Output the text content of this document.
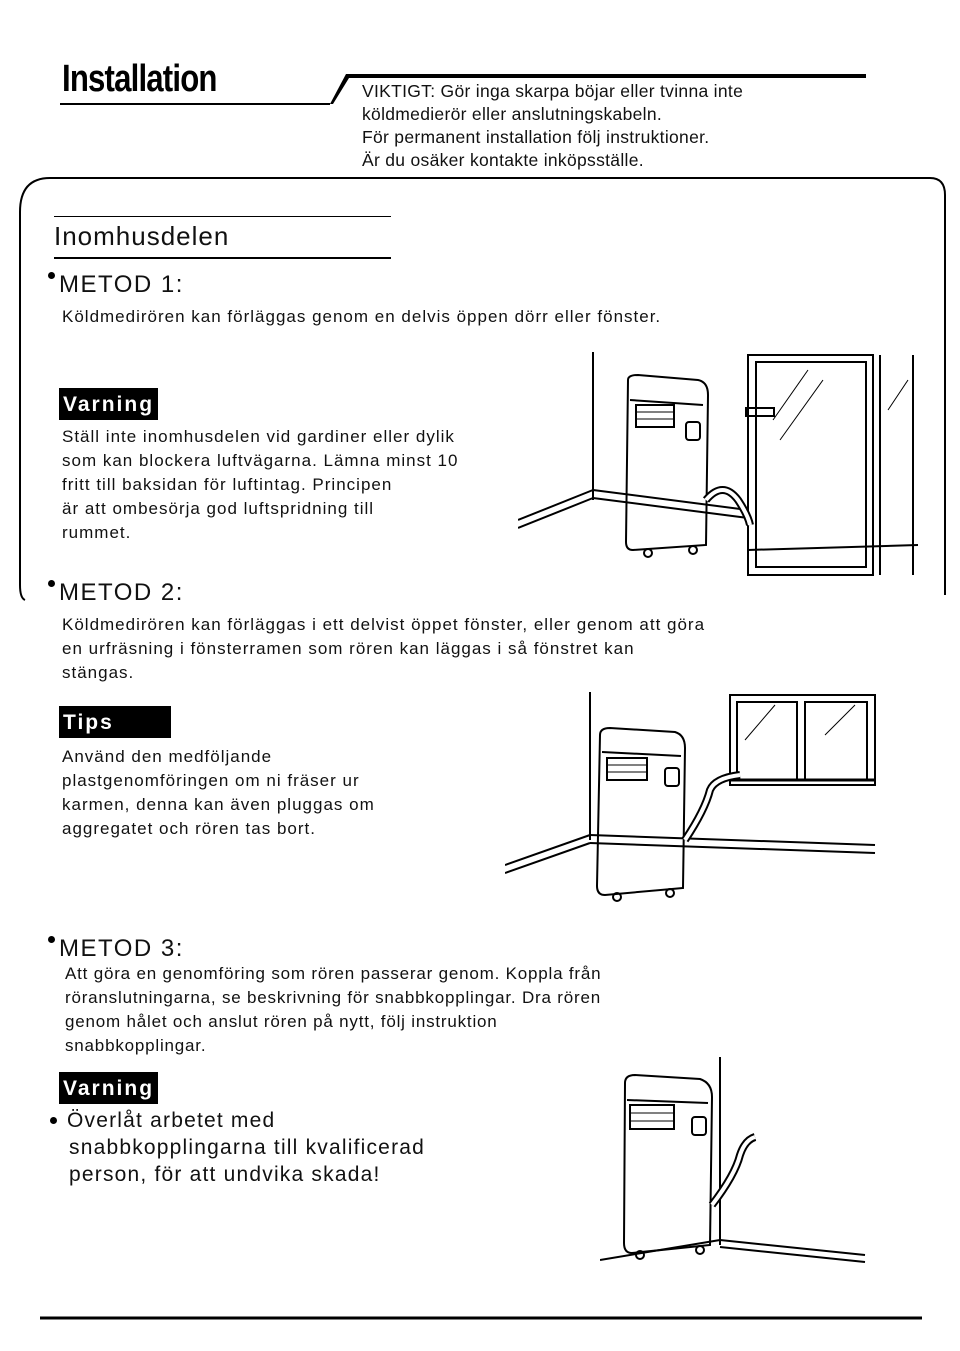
Installation	VIKTIGT: Gör inga skarpa böjar eller tvinna inte
köldmedierör eller anslutningskabeln.
För permanent installation följ instruktioner.
Är du osäker kontakte inköpsställe.
Inomhusdelen
METOD 1:
Köldmedirören kan förläggas genom en delvis öppen dörr eller fönster.
Varning
Ställ inte inomhusdelen vid gardiner eller dylik
som kan blockera luftvägarna. Lämna minst 10
fritt till baksidan för luftintag. Principen
är att ombesörja god luftspridning till
rummet.
METOD 2:
Köldmedirören kan förläggas i ett delvist öppet fönster, eller genom att göra
en urfräsning i fönsterramen som rören kan läggas i så fönstret kan
stängas.
Tips
Använd den medföljande
plastgenomföringen om ni fräser ur
karmen, denna kan även pluggas om
aggregatet och rören tas bort.
METOD 3:
Att göra en genomföring som rören passerar genom. Koppla från
röranslutningarna, se beskrivning för snabbkopplingar. Dra rören
genom hålet och anslut rören på nytt, följ instruktion
snabbkopplingar.
Varning
Överlåt arbetet med
snabbkopplingarna till kvalificerad
person, för att undvika skada!
